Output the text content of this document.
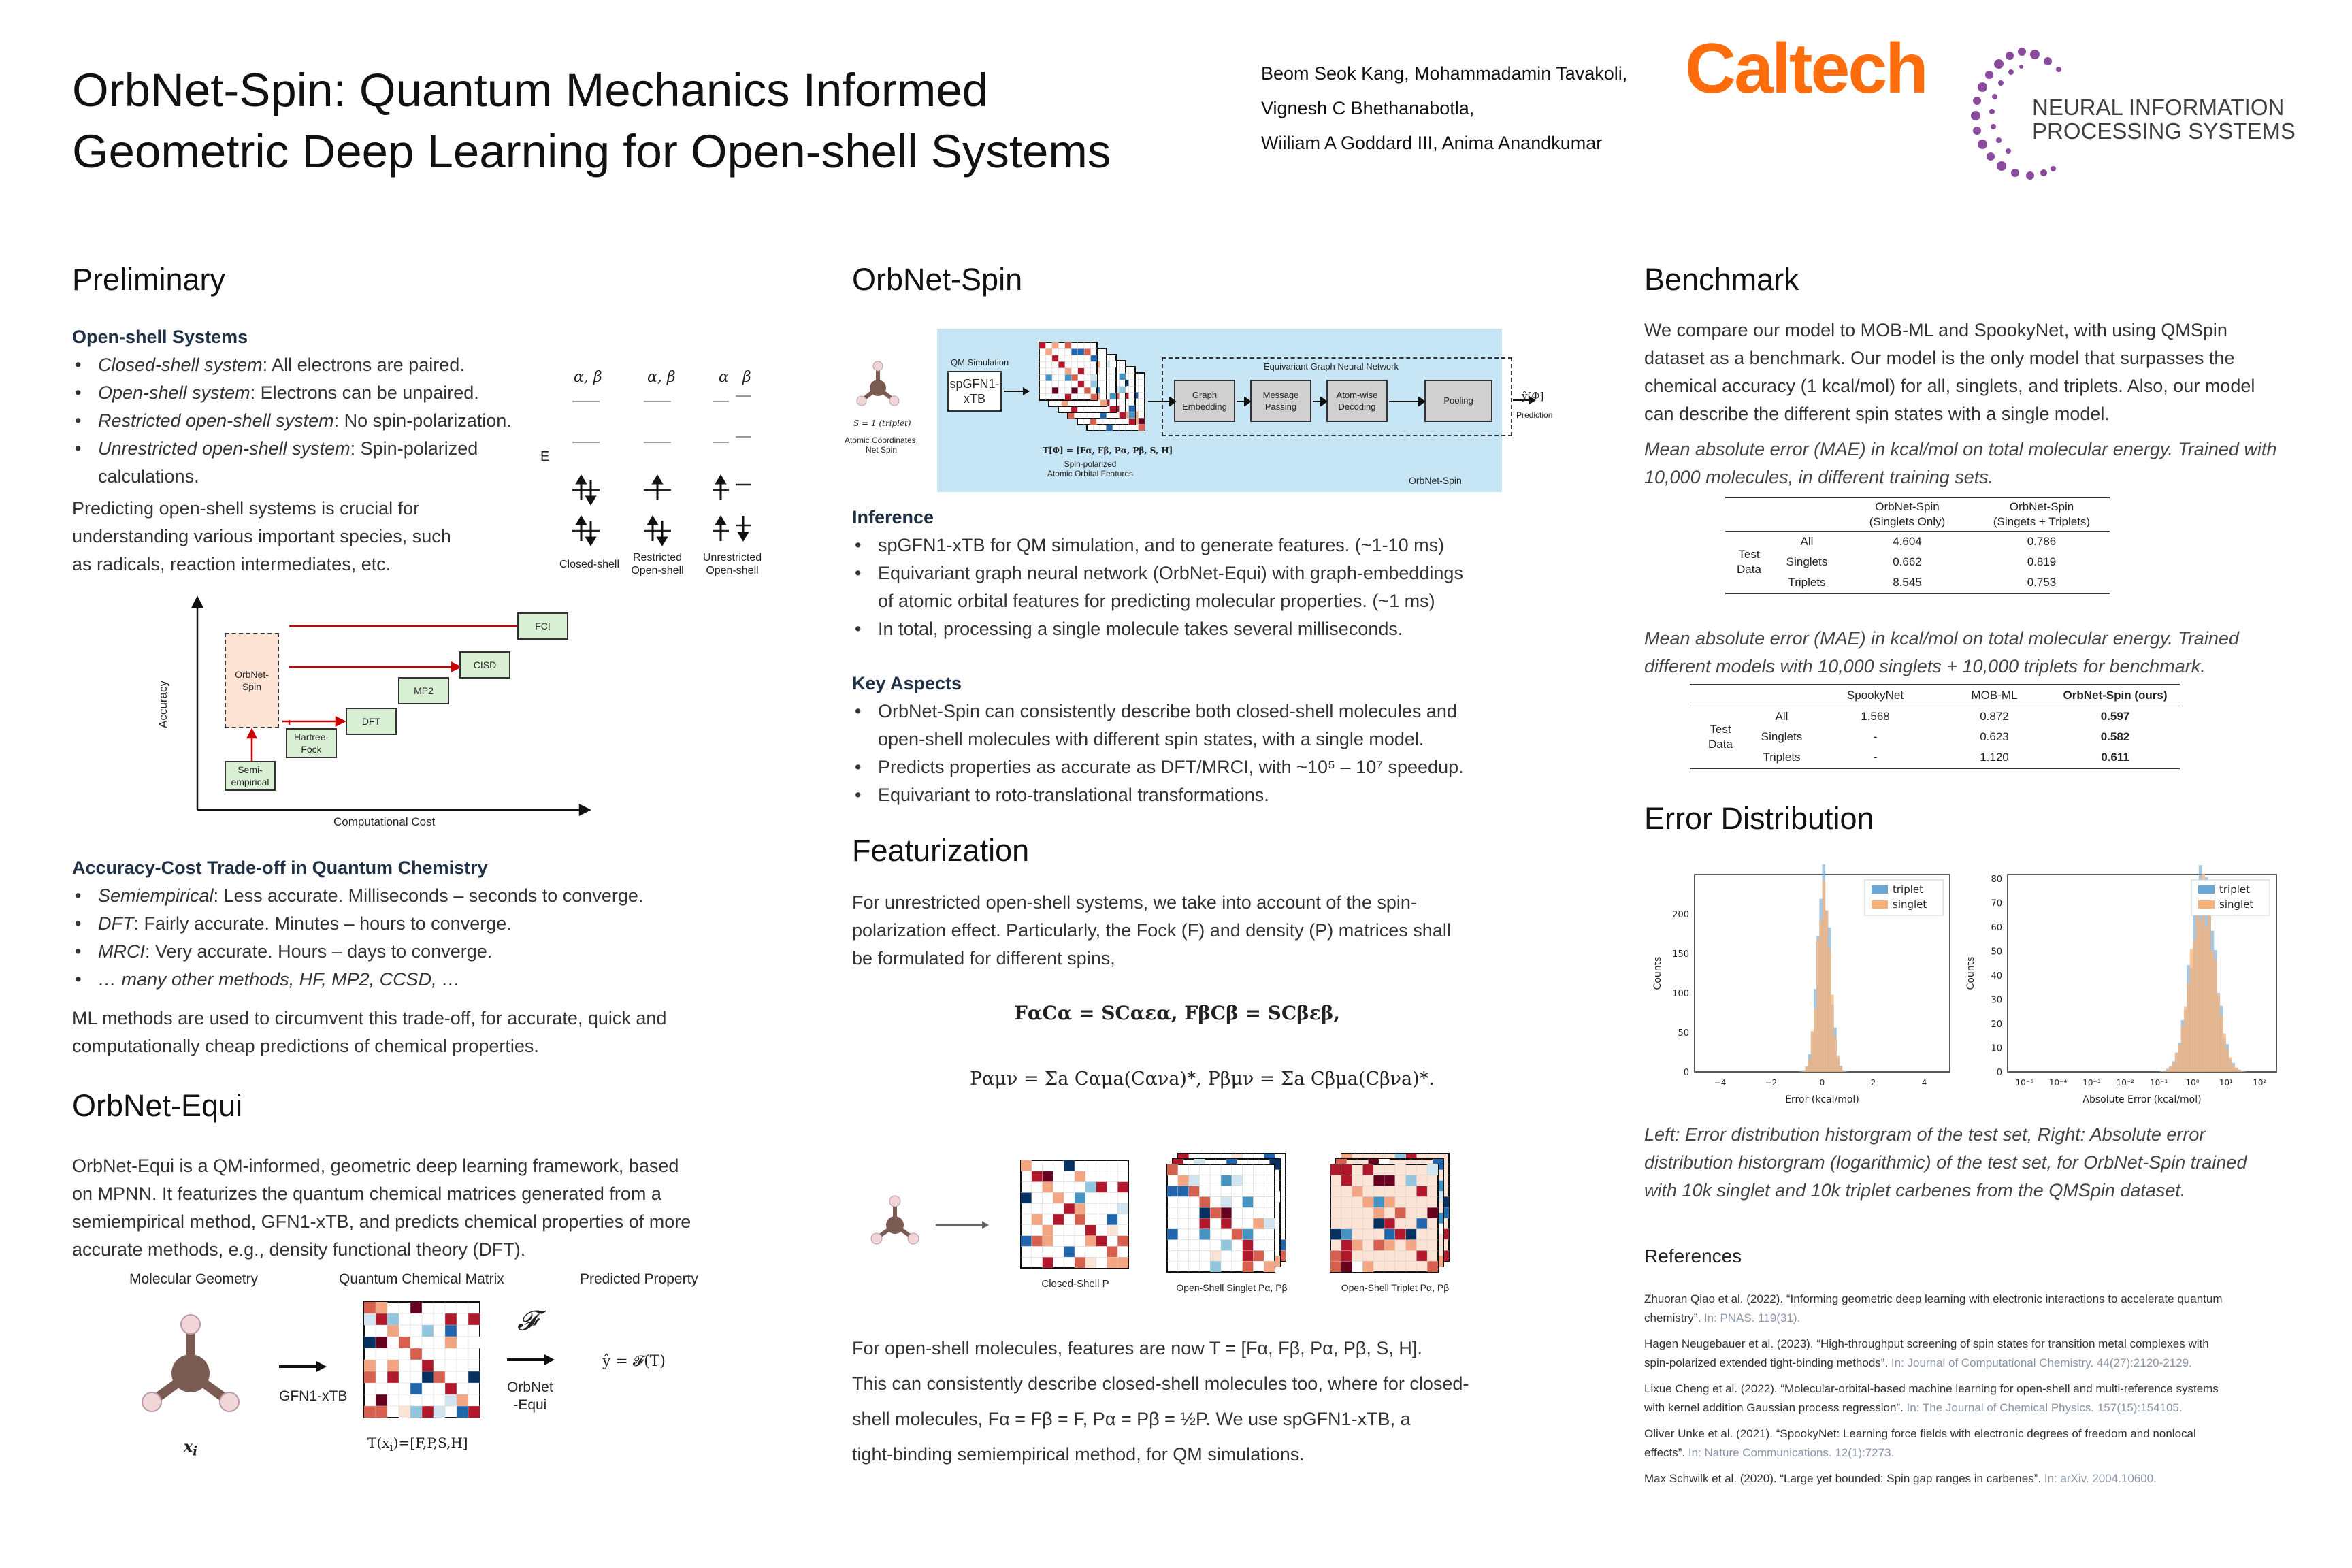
OrbNet-Spin: Quantum Mechanics Informed
Geometric Deep Learning for Open-shell Systems
Beom Seok Kang, Mohammadamin Tavakoli,
Vignesh C Bhethanabotla,
Wiiliam A Goddard III, Anima Anandkumar
Caltech	NEURAL INFORMATION
PROCESSING SYSTEMS
Preliminary
Open-shell Systems
• Closed-shell system: All electrons are paired.
• Open-shell system: Electrons can be unpaired.
• Restricted open-shell system: No spin-polarization.
• Unrestricted open-shell system: Spin-polarized
calculations.
Predicting open-shell systems is crucial for
understanding various important species, such
as radicals, reaction intermediates, etc.
α, β	α, β	α β
E
Closed-shell
Restricted
Open-shell
Unrestricted
Open-shell
Semi-
empirical
Hartree-
Fock
DFT
MP2
CISD
FCI
OrbNet-
Spin
Accuracy
Computational Cost
Accuracy-Cost Trade-off in Quantum Chemistry
• Semiempirical: Less accurate. Milliseconds – seconds to converge.
• DFT: Fairly accurate. Minutes – hours to converge.
• MRCI: Very accurate. Hours – days to converge.
• … many other methods, HF, MP2, CCSD, …
ML methods are used to circumvent this trade-off, for accurate, quick and
computationally cheap predictions of chemical properties.
OrbNet-Equi
OrbNet-Equi is a QM-informed, geometric deep learning framework, based
on MPNN. It featurizes the quantum chemical matrices generated from a
semiempirical method, GFN1-xTB, and predicts chemical properties of more
accurate methods, e.g., density functional theory (DFT).
Molecular Geometry	Quantum Chemical Matrix	Predicted Property
$x_i$
GFN1-xTB
$T(x_i)=[F,P,S,H]$
𝓕
OrbNet
-Equi
ŷ = 𝓕(T)
OrbNet-Spin
QM Simulation
spGFN1-
xTB
T[Φ] = [Fα, Fβ, Pα, Pβ, S, H]
Spin-polarized
Atomic Orbital Features
Equivariant Graph Neural Network
Graph
Embedding
Message
Passing
Atom-wise
Decoding
Pooling
OrbNet-Spin
ŷ[Φ]
Prediction
S = 1 (triplet)
Atomic Coordinates,
Net Spin
Inference
• spGFN1-xTB for QM simulation, and to generate features. (~1-10 ms)
• Equivariant graph neural network (OrbNet-Equi) with graph-embeddings
of atomic orbital features for predicting molecular properties. (~1 ms)
• In total, processing a single molecule takes several milliseconds.
Key Aspects
• OrbNet-Spin can consistently describe both closed-shell molecules and
open-shell molecules with different spin states, with a single model.
• Predicts properties as accurate as DFT/MRCI, with ~10⁵ – 10⁷ speedup.
• Equivariant to roto-translational transformations.
Featurization
For unrestricted open-shell systems, we take into account of the spin-
polarization effect. Particularly, the Fock (F) and density (P) matrices shall
be formulated for different spins,
FαCα = SCαεα, FβCβ = SCβεβ,
Pαμν = Σa Cαμa(Cανa)*, Pβμν = Σa Cβμa(Cβνa)*.
Closed-Shell P	Open-Shell Singlet Pα, Pβ	Open-Shell Triplet Pα, Pβ
For open-shell molecules, features are now T = [Fα, Fβ, Pα, Pβ, S, H].
This can consistently describe closed-shell molecules too, where for closed-
shell molecules, Fα = Fβ = F, Pα = Pβ = ½P. We use spGFN1-xTB, a
tight-binding semiempirical method, for QM simulations.
Benchmark
We compare our model to MOB-ML and SpookyNet, with using QMSpin
dataset as a benchmark. Our model is the only model that surpasses the
chemical accuracy (1 kcal/mol) for all, singlets, and triplets. Also, our model
can describe the different spin states with a single model.
Mean absolute error (MAE) in kcal/mol on total molecular energy. Trained with
10,000 molecules, in different training sets.
		OrbNet-Spin
(Singlets Only)	OrbNet-Spin
(Singets + Triplets)
Test
Data	All	4.604	0.786
	Singlets	0.662	0.819
	Triplets	8.545	0.753
Mean absolute error (MAE) in kcal/mol on total molecular energy. Trained
different models with 10,000 singlets + 10,000 triplets for benchmark.
		SpookyNet	MOB-ML	OrbNet-Spin (ours)
Test
Data	All	1.568	0.872	0.597
	Singlets	-	0.623	0.582
	Triplets	-	1.120	0.611
Error Distribution
0
50
100
150
200
−4	−2	0	2	4
Error (kcal/mol)
Counts
triplet
singlet
0
10
20
30
40
50
60
70
80
10⁻⁵ 10⁻⁴ 10⁻³ 10⁻² 10⁻¹ 10⁰ 10¹ 10²
Absolute Error (kcal/mol)
Counts
triplet
singlet
Left: Error distribution historgram of the test set, Right: Absolute error
distribution historgram (logarithmic) of the test set, for OrbNet-Spin trained
with 10k singlet and 10k triplet carbenes from the QMSpin dataset.
References
Zhuoran Qiao et al. (2022). “Informing geometric deep learning with electronic interactions to accelerate quantum
chemistry”. In: PNAS. 119(31).
Hagen Neugebauer et al. (2023). “High-throughput screening of spin states for transition metal complexes with
spin-polarized extended tight-binding methods”. In: Journal of Computational Chemistry. 44(27):2120-2129.
Lixue Cheng et al. (2022). “Molecular-orbital-based machine learning for open-shell and multi-reference systems
with kernel addition Gaussian process regression”. In: The Journal of Chemical Physics. 157(15):154105.
Oliver Unke et al. (2021). “SpookyNet: Learning force fields with electronic degrees of freedom and nonlocal
effects”. In: Nature Communications. 12(1):7273.
Max Schwilk et al. (2020). “Large yet bounded: Spin gap ranges in carbenes”. In: arXiv. 2004.10600.
